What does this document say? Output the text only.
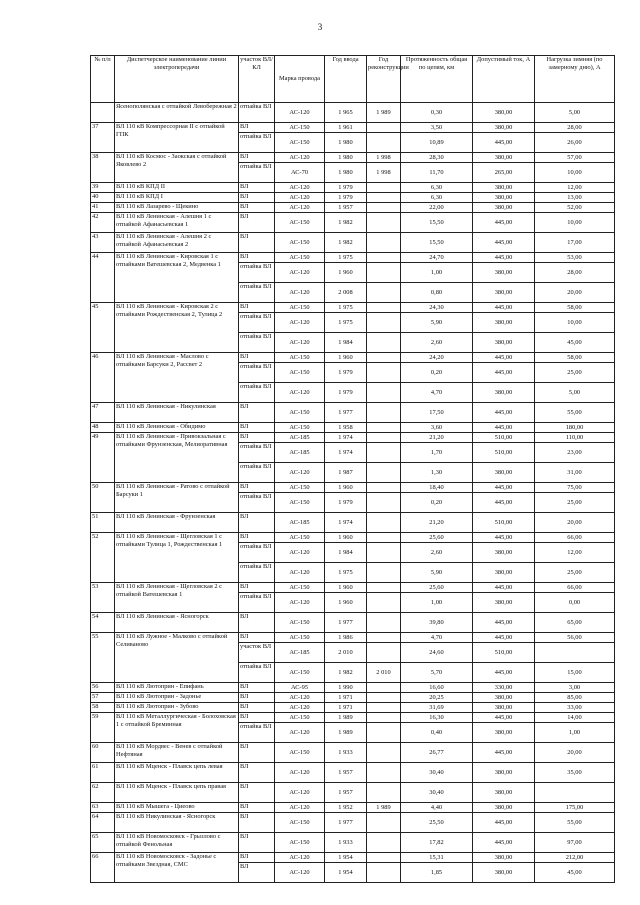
3
№ п/п	Диспетчерское наименование линии электропередачи	участок ВЛ/КЛ	Марка провода	Год ввода	Год реконструкции	Протяженность общая по цепям, км	Допустимый ток, А	Нагрузка зимняя (по замерному дню), А
	Ясенополянская с отпайкой Левобережная 2	отпайка ВЛ	АС-120	1 965	1 989	0,30	380,00	5,00
37	ВЛ 110 кВ Компрессорная II с отпайкой ГПК	ВЛ	АС-150	1 961		3,50	380,00	28,00
		отпайка ВЛ	АС-150	1 980		10,89	445,00	26,00
38	ВЛ 110 кВ Космос - Заокская с отпайкой Яковлево 2	ВЛ	АС-120	1 980	1 998	28,30	380,00	57,00
		отпайка ВЛ	АС-70	1 980	1 998	11,70	265,00	10,00
39	ВЛ 110 кВ КПД II	ВЛ	АС-120	1 979		6,30	380,00	12,00
40	ВЛ 110 кВ КПД I	ВЛ	АС-120	1 979		6,30	380,00	13,00
41	ВЛ 110 кВ Лазарево - Щекино	ВЛ	АС-120	1 957		22,00	380,00	52,00
42	ВЛ 110 кВ Ленинская - Алешня 1 с отпайкой Афанасьевская 1	ВЛ	АС-150	1 982		15,50	445,00	10,00
43	ВЛ 110 кВ Ленинская - Алешня 2 с отпайкой Афанасьевская 2	ВЛ	АС-150	1 982		15,50	445,00	17,00
44	ВЛ 110 кВ Ленинская - Кировская 1 с отпайками Ватешевская 2, Медвенка 1	ВЛ	АС-150	1 975		24,70	445,00	53,00
		отпайка ВЛ	АС-120	1 960		1,00	380,00	28,00
		отпайка ВЛ	АС-120	2 008		0,80	380,00	20,00
45	ВЛ 110 кВ Ленинская - Кировская 2 с отпайками Рождественская 2, Тулица 2	ВЛ	АС-150	1 975		24,30	445,00	58,00
		отпайка ВЛ	АС-120	1 975		5,90	380,00	10,00
		отпайка ВЛ	АС-120	1 984		2,60	380,00	45,00
46	ВЛ 110 кВ Ленинская - Маслово с отпайками Барсуки 2, Рассвет 2	ВЛ	АС-150	1 960		24,20	445,00	58,00
		отпайка ВЛ	АС-150	1 979		0,20	445,00	25,00
		отпайка ВЛ	АС-120	1 979		4,70	380,00	5,00
47	ВЛ 110 кВ Ленинская - Никулинская	ВЛ	АС-150	1 977		17,50	445,00	55,00
48	ВЛ 110 кВ Ленинская - Обидимо	ВЛ	АС-150	1 958		3,60	445,00	180,00
49	ВЛ 110 кВ Ленинская - Привокзальная с отпайками Фрунзенская, Мелиоративная	ВЛ	АС-185	1 974		21,20	510,00	110,00
		отпайка ВЛ	АС-185	1 974		1,70	510,00	23,00
		отпайка ВЛ	АС-120	1 987		1,30	380,00	31,00
50	ВЛ 110 кВ Ленинская - Ратово с отпайкой Барсуки 1	ВЛ	АС-150	1 960		18,40	445,00	75,00
		отпайка ВЛ	АС-150	1 979		0,20	445,00	25,00
51	ВЛ 110 кВ Ленинская - Фрунзенская	ВЛ	АС-185	1 974		21,20	510,00	20,00
52	ВЛ 110 кВ Ленинская - Щегловская 1 с отпайками Тулица 1, Рождественская 1	ВЛ	АС-150	1 960		25,60	445,00	66,00
		отпайка ВЛ	АС-120	1 984		2,60	380,00	12,00
		отпайка ВЛ	АС-120	1 975		5,90	380,00	25,00
53	ВЛ 110 кВ Ленинская - Щегловская 2 с отпайкой Ватешевская 1	ВЛ	АС-150	1 960		25,60	445,00	66,00
		отпайка ВЛ	АС-120	1 960		1,00	380,00	0,00
54	ВЛ 110 кВ Ленинская - Ясногорск	ВЛ	АС-150	1 977		39,80	445,00	65,00
55	ВЛ 110 кВ Лужное - Малково с отпайкой Селиваново	ВЛ	АС-150	1 986		4,70	445,00	56,00
		участок ВЛ	АС-185	2 010		24,60	510,00	
		отпайка ВЛ	АС-150	1 982	2 010	5,70	445,00	15,00
56	ВЛ 110 кВ Лютоприн - Епифань	ВЛ	АС-95	1 990		16,60	330,00	3,00
57	ВЛ 110 кВ Лютоприн - Задонье	ВЛ	АС-120	1 971		20,25	380,00	85,00
58	ВЛ 110 кВ Лютоприн - Зубово	ВЛ	АС-120	1 971		31,69	380,00	33,00
59	ВЛ 110 кВ Металлургическая - Болоховская 1 с отпайкой Бреминная	ВЛ	АС-150	1 989		16,30	445,00	14,00
		отпайка ВЛ	АС-120	1 989		0,40	380,00	1,00
60	ВЛ 110 кВ Мордвес - Венев с отпайкой Нефтяная	ВЛ	АС-150	1 933		26,77	445,00	20,00
61	ВЛ 110 кВ Мценск - Плавск цепь левая	ВЛ	АС-120	1 957		30,40	380,00	35,00
62	ВЛ 110 кВ Мценск - Плавск цепь правая	ВЛ	АС-120	1 957		30,40	380,00	
63	ВЛ 110 кВ Мышега - Циеово	ВЛ	АС-120	1 952	1 989	4,40	380,00	175,00
64	ВЛ 110 кВ Никулинская - Ясногорск	ВЛ	АС-150	1 977		25,50	445,00	55,00
65	ВЛ 110 кВ Новомосковск - Грызлово с отпайкой Фенольная	ВЛ	АС-150	1 933		17,82	445,00	97,00
66	ВЛ 110 кВ Новомосковск - Задонье с отпайками Звездная, СМС	ВЛ	АС-120	1 954		15,31	380,00	212,00
		ВЛ	АС-120	1 954		1,85	380,00	45,00
